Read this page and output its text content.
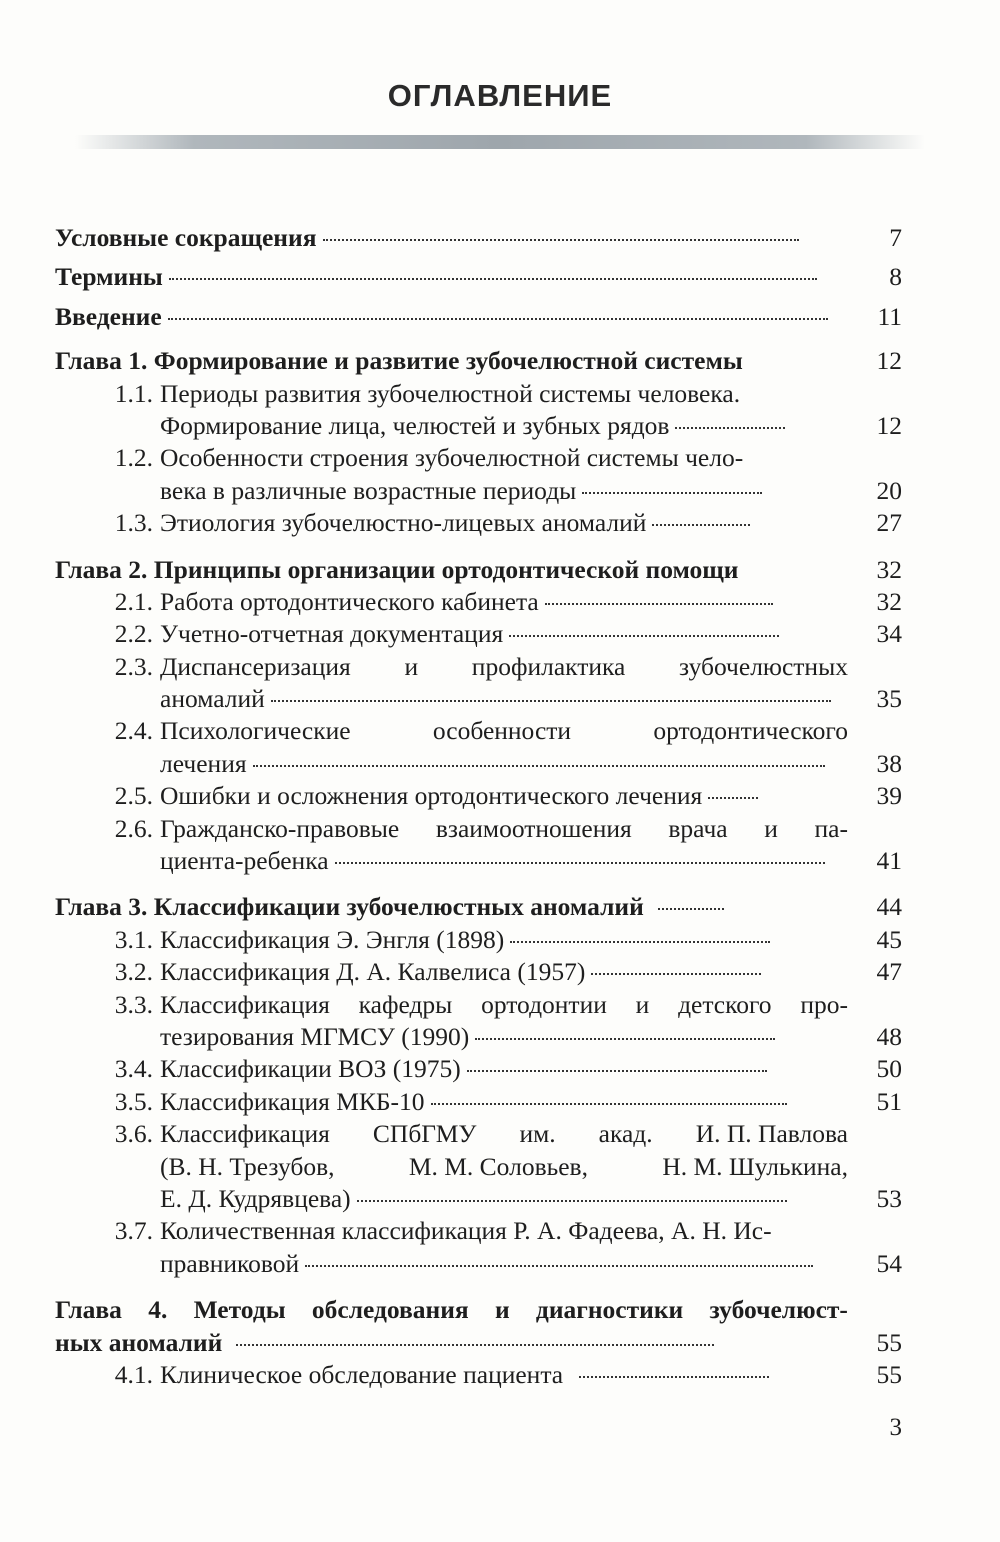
ОГЛАВЛЕНИЕ
Условные сокращения	7
Термины	8
Введение	11
Глава 1. Формирование и развитие зубочелюстной системы	12
1.1. Периоды развития зубочелюстной системы человека.
Формирование лица, челюстей и зубных рядов	12
1.2. Особенности строения зубочелюстной системы чело-
века в различные возрастные периоды	20
1.3. Этиология зубочелюстно-лицевых аномалий	27
Глава 2. Принципы организации ортодонтической помощи	32
2.1. Работа ортодонтического кабинета	32
2.2. Учетно-отчетная документация	34
2.3. Диспансеризация и профилактика зубочелюстных
аномалий	35
2.4. Психологические	особенности	ортодонтического
лечения	38
2.5. Ошибки и осложнения ортодонтического лечения	39
2.6. Гражданско-правовые взаимоотношения врача и па-
циента-ребенка	41
Глава 3. Классификации зубочелюстных аномалий	44
3.1. Классификация Э. Энгля (1898)	45
3.2. Классификация Д. А. Калвелиса (1957)	47
3.3. Классификация кафедры ортодонтии и детского про-
тезирования МГМСУ (1990)	48
3.4. Классификации ВОЗ (1975)	50
3.5. Классификация МКБ-10	51
3.6. Классификация СПбГМУ им. акад. И. П. Павлова
(В. Н. Трезубов,	М. М. Соловьев,	Н. М. Шулькина,
Е. Д. Кудрявцева)	53
3.7. Количественная классификация Р. А. Фадеева, А. Н. Ис-
правниковой	54
Глава 4. Методы обследования и диагностики зубочелюст-
ных аномалий	55
4.1. Клиническое обследование пациента	55
3
